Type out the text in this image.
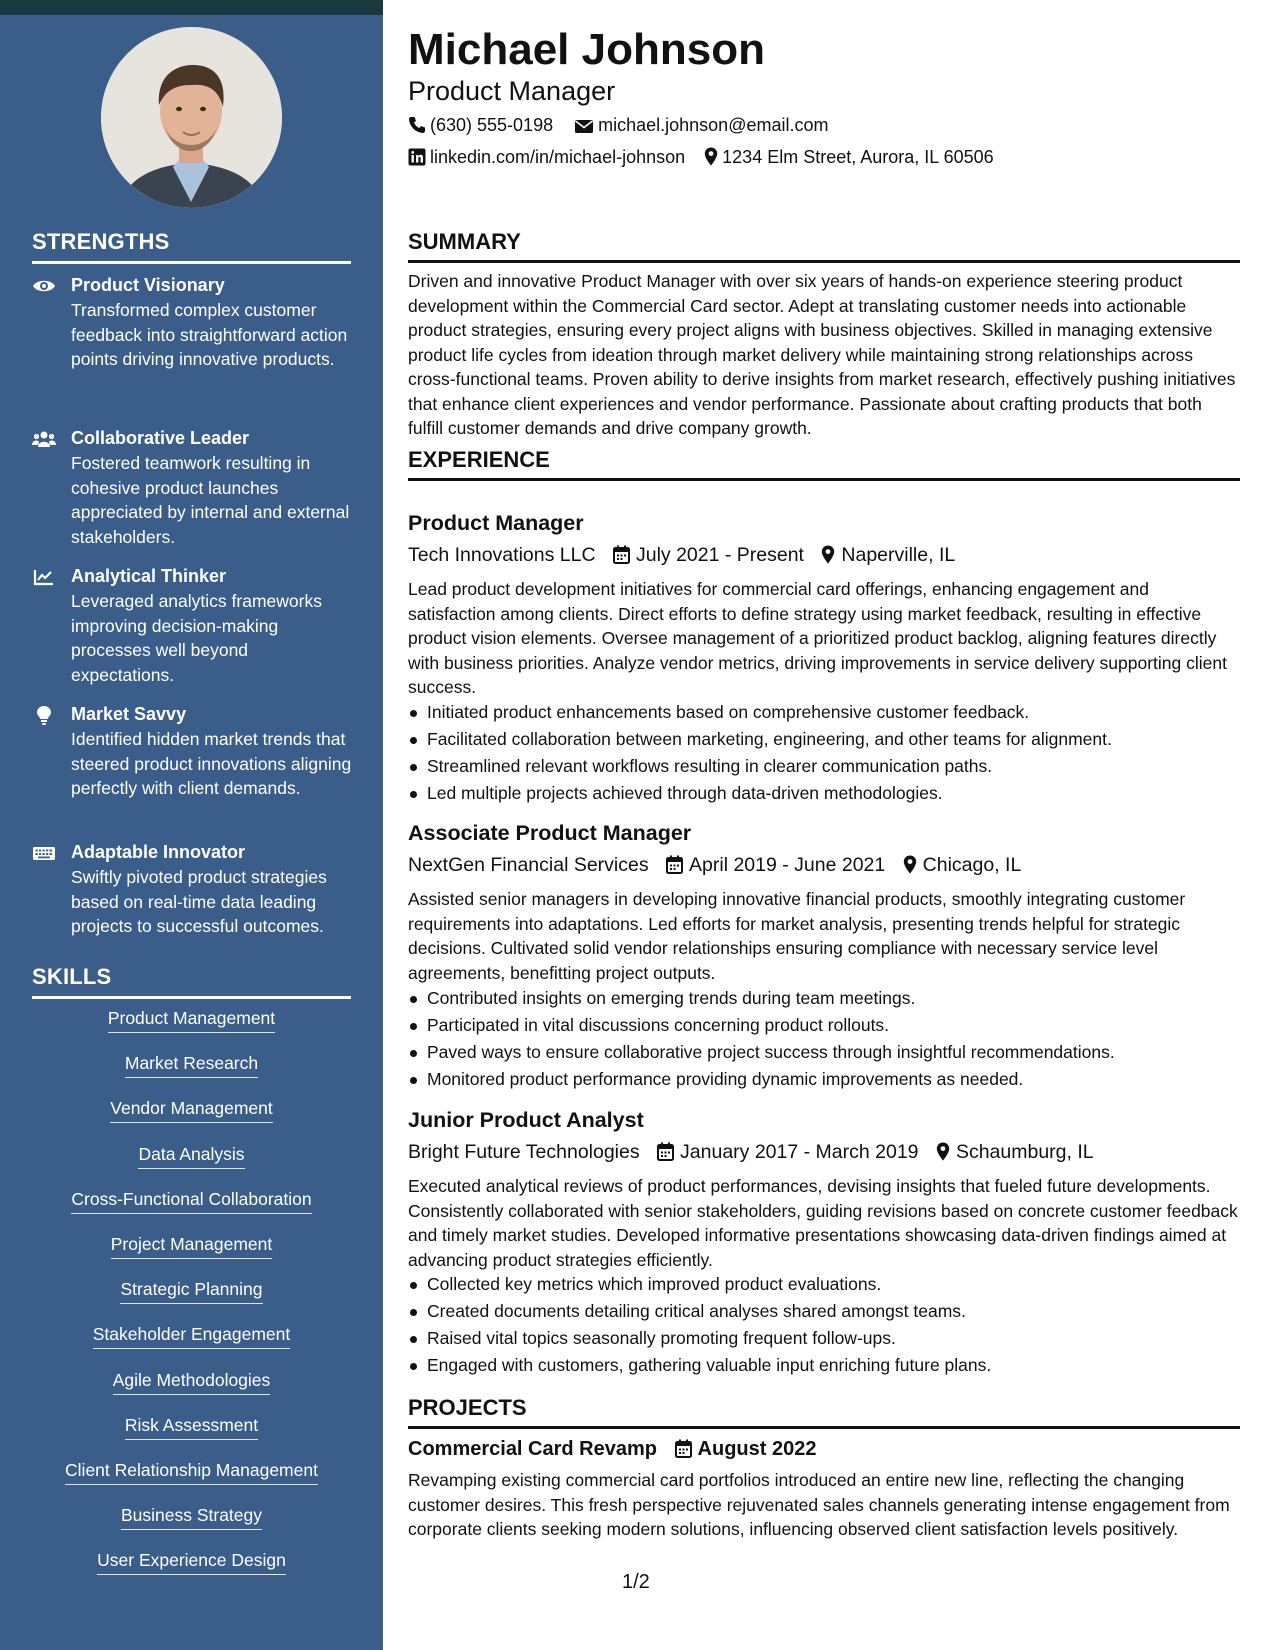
STRENGTHS
Product Visionary
Transformed complex customer feedback into straightforward action points driving innovative products.
Collaborative Leader
Fostered teamwork resulting in cohesive product launches appreciated by internal and external stakeholders.
Analytical Thinker
Leveraged analytics frameworks improving decision-making processes well beyond expectations.
Market Savvy
Identified hidden market trends that steered product innovations aligning perfectly with client demands.
Adaptable Innovator
Swiftly pivoted product strategies based on real-time data leading projects to successful outcomes.
SKILLS
Product Management
Market Research
Vendor Management
Data Analysis
Cross-Functional Collaboration
Project Management
Strategic Planning
Stakeholder Engagement
Agile Methodologies
Risk Assessment
Client Relationship Management
Business Strategy
User Experience Design
Michael Johnson
Product Manager
(630) 555-0198	michael.johnson@email.com
linkedin.com/in/michael-johnson 1234 Elm Street, Aurora, IL 60506
SUMMARY
Driven and innovative Product Manager with over six years of hands-on experience steering product development within the Commercial Card sector. Adept at translating customer needs into actionable product strategies, ensuring every project aligns with business objectives. Skilled in managing extensive product life cycles from ideation through market delivery while maintaining strong relationships across cross-functional teams. Proven ability to derive insights from market research, effectively pushing initiatives that enhance client experiences and vendor performance. Passionate about crafting products that both fulfill customer demands and drive company growth.
EXPERIENCE
Product Manager
Tech Innovations LLC July 2021 - Present Naperville, IL
Lead product development initiatives for commercial card offerings, enhancing engagement and satisfaction among clients. Direct efforts to define strategy using market feedback, resulting in effective product vision elements. Oversee management of a prioritized product backlog, aligning features directly with business priorities. Analyze vendor metrics, driving improvements in service delivery supporting client success.
Initiated product enhancements based on comprehensive customer feedback.
Facilitated collaboration between marketing, engineering, and other teams for alignment.
Streamlined relevant workflows resulting in clearer communication paths.
Led multiple projects achieved through data-driven methodologies.
Associate Product Manager
NextGen Financial Services April 2019 - June 2021 Chicago, IL
Assisted senior managers in developing innovative financial products, smoothly integrating customer requirements into adaptations. Led efforts for market analysis, presenting trends helpful for strategic decisions. Cultivated solid vendor relationships ensuring compliance with necessary service level agreements, benefitting project outputs.
Contributed insights on emerging trends during team meetings.
Participated in vital discussions concerning product rollouts.
Paved ways to ensure collaborative project success through insightful recommendations.
Monitored product performance providing dynamic improvements as needed.
Junior Product Analyst
Bright Future Technologies January 2017 - March 2019 Schaumburg, IL
Executed analytical reviews of product performances, devising insights that fueled future developments. Consistently collaborated with senior stakeholders, guiding revisions based on concrete customer feedback and timely market studies. Developed informative presentations showcasing data-driven findings aimed at advancing product strategies efficiently.
Collected key metrics which improved product evaluations.
Created documents detailing critical analyses shared amongst teams.
Raised vital topics seasonally promoting frequent follow-ups.
Engaged with customers, gathering valuable input enriching future plans.
PROJECTS
Commercial Card Revamp August 2022
Revamping existing commercial card portfolios introduced an entire new line, reflecting the changing customer desires. This fresh perspective rejuvenated sales channels generating intense engagement from corporate clients seeking modern solutions, influencing observed client satisfaction levels positively.
1/2
